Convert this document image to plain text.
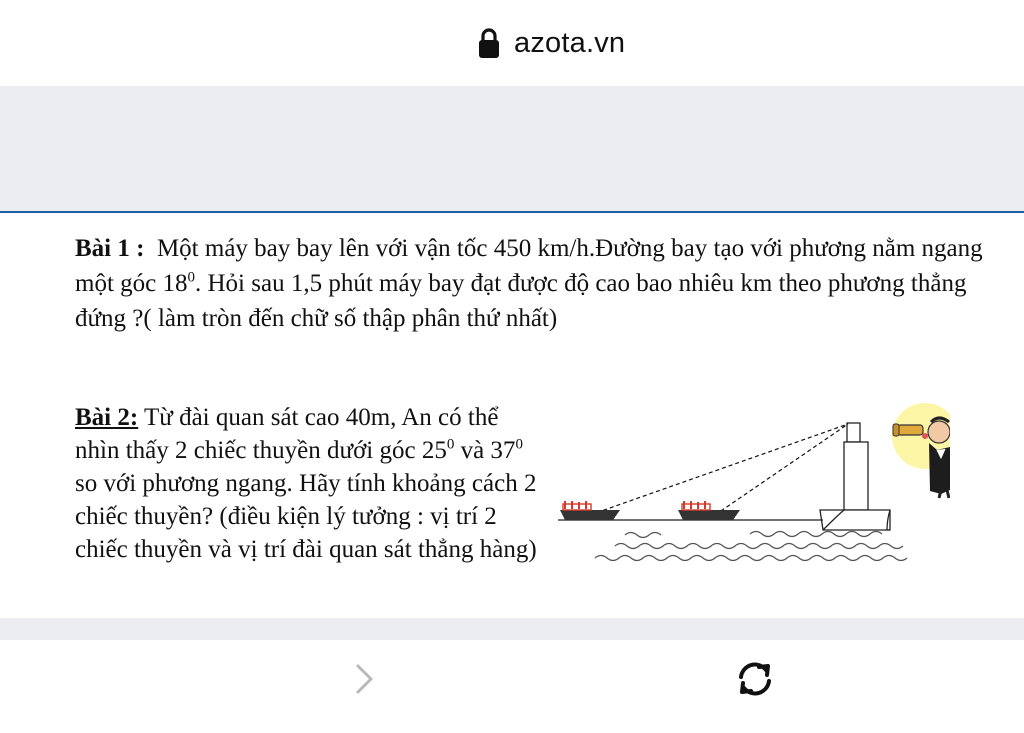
azota.vn
Bài 1 : Một máy bay bay lên với vận tốc 450 km/h.Đường bay tạo với phương nằm ngang một góc $18^0$. Hỏi sau 1,5 phút máy bay đạt được độ cao bao nhiêu km theo phương thẳng đứng ?( làm tròn đến chữ số thập phân thứ nhất)
Bài 2: Từ đài quan sát cao 40m, An có thể nhìn thấy 2 chiếc thuyền dưới góc $25^0$ và $37^0$ so với phương ngang. Hãy tính khoảng cách 2 chiếc thuyền? (điều kiện lý tưởng : vị trí 2 chiếc thuyền và vị trí đài quan sát thẳng hàng)
